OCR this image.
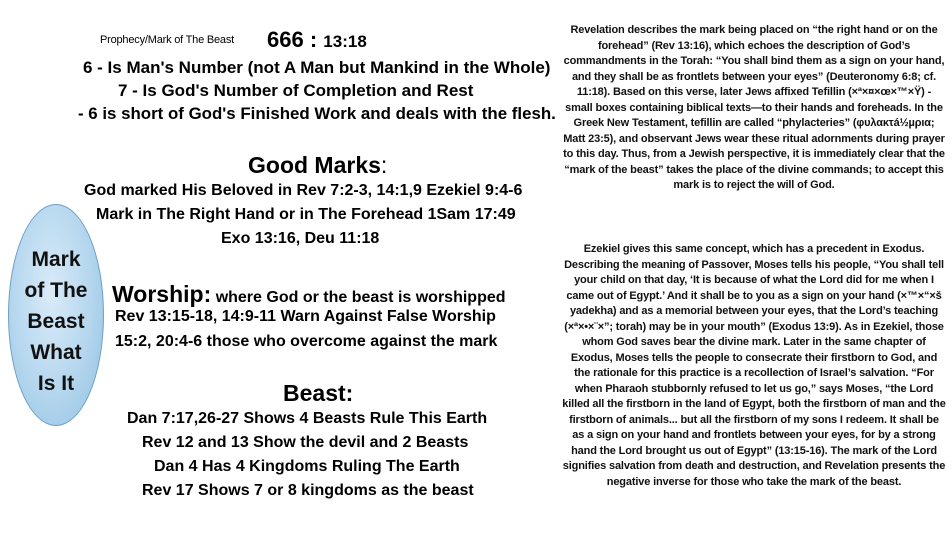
Prophecy/Mark of The Beast 666 : 13:18
6 - Is Man's Number (not A Man but Mankind in the Whole)
7 - Is God's Number of Completion and Rest
- 6 is short of God's Finished Work and deals with the flesh.
Good Marks:
God marked His Beloved in Rev 7:2-3, 14:1,9 Ezekiel 9:4-6
Mark in The Right Hand or in The Forehead 1Sam 17:49
Exo 13:16, Deu 11:18
Mark
of The
Beast
What
Is It
Worship: where God or the beast is worshipped
Rev 13:15-18, 14:9-11 Warn Against False Worship
15:2, 20:4-6 those who overcome against the mark
Beast:
Dan 7:17,26-27 Shows 4 Beasts Rule This Earth
Rev 12 and 13 Show the devil and 2 Beasts
Dan 4 Has 4 Kingdoms Ruling The Earth
Rev 17 Shows 7 or 8 kingdoms as the beast
Revelation describes the mark being placed on “the right hand or on the forehead” (Rev 13:16), which echoes the description of God’s commandments in the Torah: “You shall bind them as a sign on your hand, and they shall be as frontlets between your eyes” (Deuteronomy 6:8; cf. 11:18). Based on this verse, later Jews affixed Tefillin (×ª×¤×œ×™×Ÿ) - small boxes containing biblical texts—to their hands and foreheads. In the Greek New Testament, tefillin are called “phylacteries” (φυλακτá½µρια; Matt 23:5), and observant Jews wear these ritual adornments during prayer to this day. Thus, from a Jewish perspective, it is immediately clear that the “mark of the beast” takes the place of the divine commands; to accept this mark is to reject the will of God.
Ezekiel gives this same concept, which has a precedent in Exodus. Describing the meaning of Passover, Moses tells his people, “You shall tell your child on that day, ‘It is because of what the Lord did for me when I came out of Egypt.’ And it shall be to you as a sign on your hand (×™×“×š yadekha) and as a memorial between your eyes, that the Lord’s teaching (×ª×•×¨×”; torah) may be in your mouth” (Exodus 13:9). As in Ezekiel, those whom God saves bear the divine mark. Later in the same chapter of Exodus, Moses tells the people to consecrate their firstborn to God, and the rationale for this practice is a recollection of Israel’s salvation. “For when Pharaoh stubbornly refused to let us go,” says Moses, “the Lord killed all the firstborn in the land of Egypt, both the firstborn of man and the firstborn of animals... but all the firstborn of my sons I redeem. It shall be as a sign on your hand and frontlets between your eyes, for by a strong hand the Lord brought us out of Egypt” (13:15-16). The mark of the Lord signifies salvation from death and destruction, and Revelation presents the negative inverse for those who take the mark of the beast.
